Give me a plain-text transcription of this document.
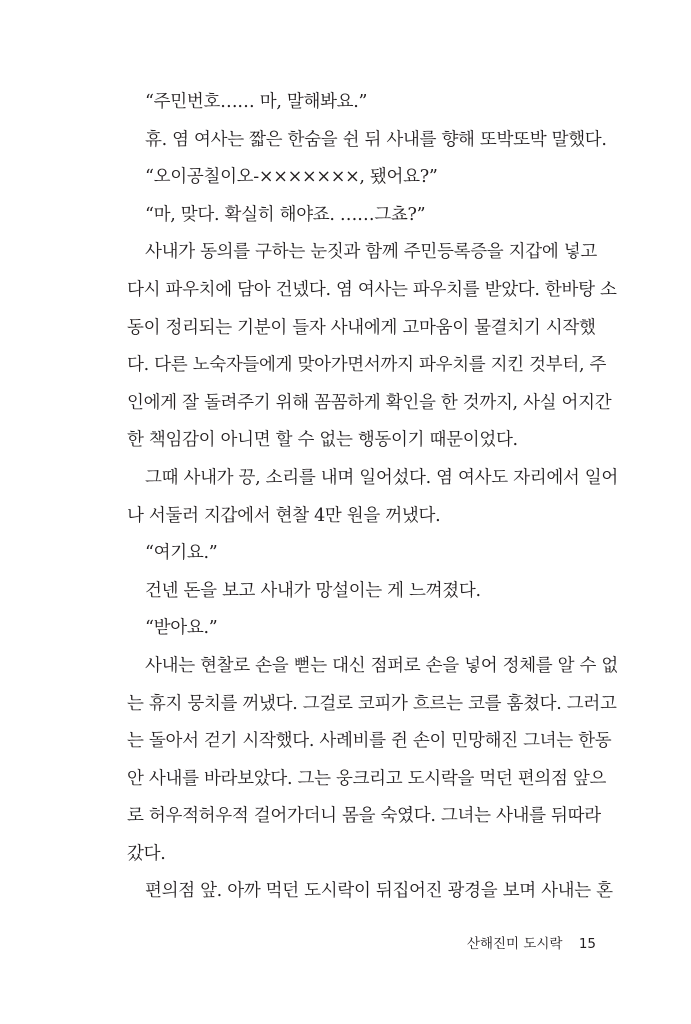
“주민번호…… 마, 말해봐요.”
휴. 염 여사는 짧은 한숨을 쉰 뒤 사내를 향해 또박또박 말했다.
“오이공칠이오-×××××××, 됐어요?”
“마, 맞다. 확실히 해야죠. ……그쵸?”
사내가 동의를 구하는 눈짓과 함께 주민등록증을 지갑에 넣고
다시 파우치에 담아 건넸다. 염 여사는 파우치를 받았다. 한바탕 소
동이 정리되는 기분이 들자 사내에게 고마움이 물결치기 시작했
다. 다른 노숙자들에게 맞아가면서까지 파우치를 지킨 것부터, 주
인에게 잘 돌려주기 위해 꼼꼼하게 확인을 한 것까지, 사실 어지간
한 책임감이 아니면 할 수 없는 행동이기 때문이었다.
그때 사내가 끙, 소리를 내며 일어섰다. 염 여사도 자리에서 일어
나 서둘러 지갑에서 현찰 4만 원을 꺼냈다.
“여기요.”
건넨 돈을 보고 사내가 망설이는 게 느껴졌다.
“받아요.”
사내는 현찰로 손을 뻗는 대신 점퍼로 손을 넣어 정체를 알 수 없
는 휴지 뭉치를 꺼냈다. 그걸로 코피가 흐르는 코를 훔쳤다. 그러고
는 돌아서 걷기 시작했다. 사례비를 쥔 손이 민망해진 그녀는 한동
안 사내를 바라보았다. 그는 웅크리고 도시락을 먹던 편의점 앞으
로 허우적허우적 걸어가더니 몸을 숙였다. 그녀는 사내를 뒤따라
갔다.
편의점 앞. 아까 먹던 도시락이 뒤집어진 광경을 보며 사내는 혼
산해진미 도시락 15
